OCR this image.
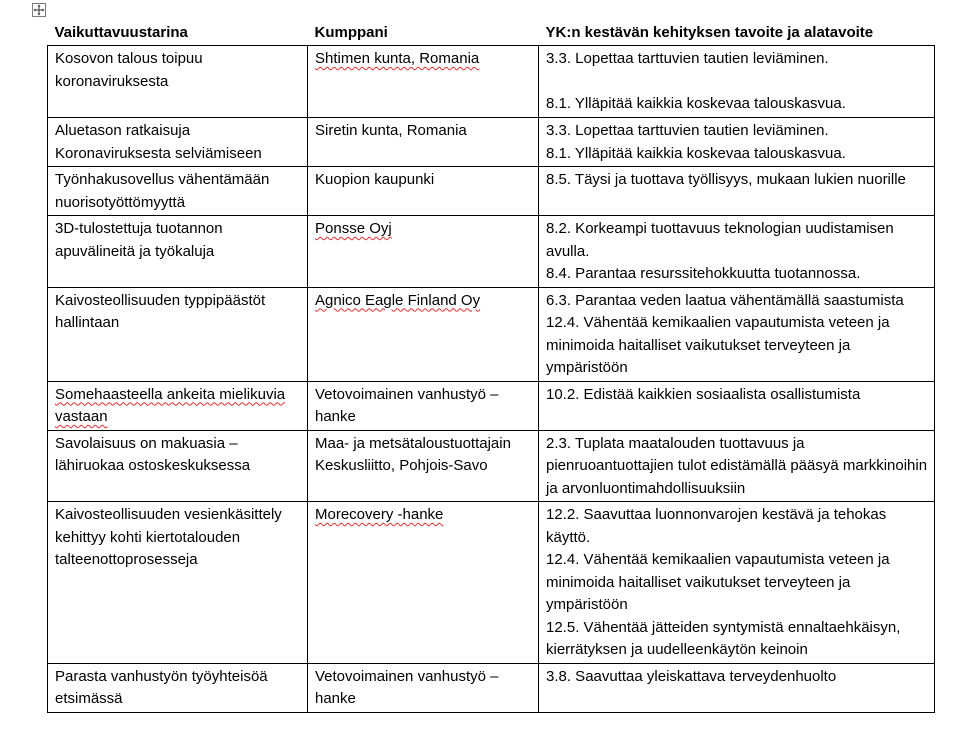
Vaikuttavuustarina	Kumppani	YK:n kestävän kehityksen tavoite ja alatavoite
Kosovon talous toipuu koronaviruksesta	Shtimen kunta, Romania	3.3. Lopettaa tarttuvien tautien leviäminen.
8.1. Ylläpitää kaikkia koskevaa talouskasvua.

Aluetason ratkaisuja Koronaviruksesta selviämiseen	Siretin kunta, Romania	3.3. Lopettaa tarttuvien tautien leviäminen.
8.1. Ylläpitää kaikkia koskevaa talouskasvua.

Työnhakusovellus vähentämään nuorisotyöttömyyttä	Kuopion kaupunki	8.5. Täysi ja tuottava työllisyys, mukaan lukien nuorille

3D-tulostettuja tuotannon apuvälineitä ja työkaluja	Ponsse Oyj	8.2. Korkeampi tuottavuus teknologian uudistamisen avulla.
8.4. Parantaa resurssitehokkuutta tuotannossa.

Kaivosteollisuuden typpipäästöt hallintaan	Agnico Eagle Finland Oy	6.3. Parantaa veden laatua vähentämällä saastumista
12.4. Vähentää kemikaalien vapautumista veteen ja minimoida haitalliset vaikutukset terveyteen ja ympäristöön

Somehaasteella ankeita mielikuvia vastaan	Vetovoimainen vanhustyö – hanke	10.2. Edistää kaikkien sosiaalista osallistumista

Savolaisuus on makuasia – lähiruokaa ostoskeskuksessa	Maa- ja metsätaloustuottajain Keskusliitto, Pohjois-Savo	2.3. Tuplata maatalouden tuottavuus ja pienruoantuottajien tulot edistämällä pääsyä markkinoihin ja arvonluontimahdollisuuksiin

Kaivosteollisuuden vesienkäsittely kehittyy kohti kiertotalouden talteenottoprosesseja	Morecovery -hanke	12.2. Saavuttaa luonnonvarojen kestävä ja tehokas käyttö.
12.4. Vähentää kemikaalien vapautumista veteen ja minimoida haitalliset vaikutukset terveyteen ja ympäristöön
12.5. Vähentää jätteiden syntymistä ennaltaehkäisyn, kierrätyksen ja uudelleenkäytön keinoin

Parasta vanhustyön työyhteisöä etsimässä	Vetovoimainen vanhustyö – hanke	3.8. Saavuttaa yleiskattava terveydenhuolto
